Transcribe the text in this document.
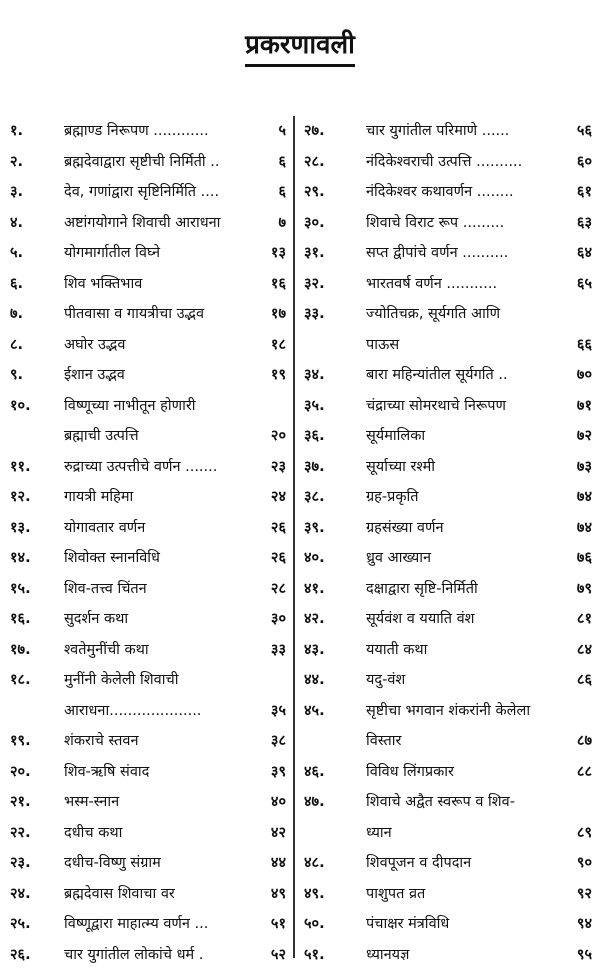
प्रकरणावली
१.	ब्रह्माण्ड निरूपण ............	५
२.	ब्रह्मदेवाद्वारा सृष्टीची निर्मिती ..	६
३.	देव, गणांद्वारा सृष्टिनिर्मिति ....	६
४.	अष्टांगयोगाने शिवाची आराधना	७
५.	योगमार्गातील विघ्ने	१३
६.	शिव भक्तिभाव	१६
७.	पीतवासा व गायत्रीचा उद्भव	१७
८.	अघोर उद्भव	१८
९.	ईशान उद्भव	१९
१०.	विष्णूच्या नाभीतून होणारी
ब्रह्माची उत्पत्ति	२०
११.	रुद्राच्या उत्पत्तीचे वर्णन .......	२३
१२.	गायत्री महिमा	२४
१३.	योगावतार वर्णन	२६
१४.	शिवोक्त स्नानविधि	२६
१५.	शिव-तत्त्व चिंतन	२८
१६.	सुदर्शन कथा	३०
१७.	श्वतेमुनींची कथा	३३
१८.	मुनींनी केलेली शिवाची
आराधना....................	३५
१९.	शंकराचे स्तवन	३८
२०.	शिव-ऋषि संवाद	३९
२१.	भस्म-स्नान	४०
२२.	दधीच कथा	४२
२३.	दधीच-विष्णु संग्राम	४४
२४.	ब्रह्मदेवास शिवाचा वर	४९
२५.	विष्णूद्वारा माहात्म्य वर्णन ...	५१
२६.	चार युगांतील लोकांचे धर्म .	५२
२७.	चार युगांतील परिमाणे ......	५६
२८.	नंदिकेश्वराची उत्पत्ति ..........	६०
२९.	नंदिकेश्वर कथावर्णन ........	६१
३०.	शिवाचे विराट रूप .........	६३
३१.	सप्त द्वीपांचे वर्णन ..........	६४
३२.	भारतवर्ष वर्णन ...........	६५
३३.	ज्योतिचक्र, सूर्यगति आणि
पाऊस	६६
३४.	बारा महिन्यांतील सूर्यगति ..	७०
३५.	चंद्राच्या सोमरथाचे निरूपण	७१
३६.	सूर्यमालिका	७२
३७.	सूर्याच्या रश्मी	७३
३८.	ग्रह-प्रकृति	७४
३९.	ग्रहसंख्या वर्णन	७४
४०.	ध्रुव आख्यान	७६
४१.	दक्षाद्वारा सृष्टि-निर्मिती	७९
४२.	सूर्यवंश व ययाति वंश	८१
४३.	ययाती कथा	८४
४४.	यदु-वंश	८६
४५.	सृष्टीचा भगवान शंकरांनी केलेला
विस्तार	८७
४६.	विविध लिंगप्रकार	८८
४७.	शिवाचे अद्वैत स्वरूप व शिव-
ध्यान	८९
४८.	शिवपूजन व दीपदान	९०
४९.	पाशुपत व्रत	९२
५०.	पंचाक्षर मंत्रविधि	९४
५१.	ध्यानयज्ञ	९५
